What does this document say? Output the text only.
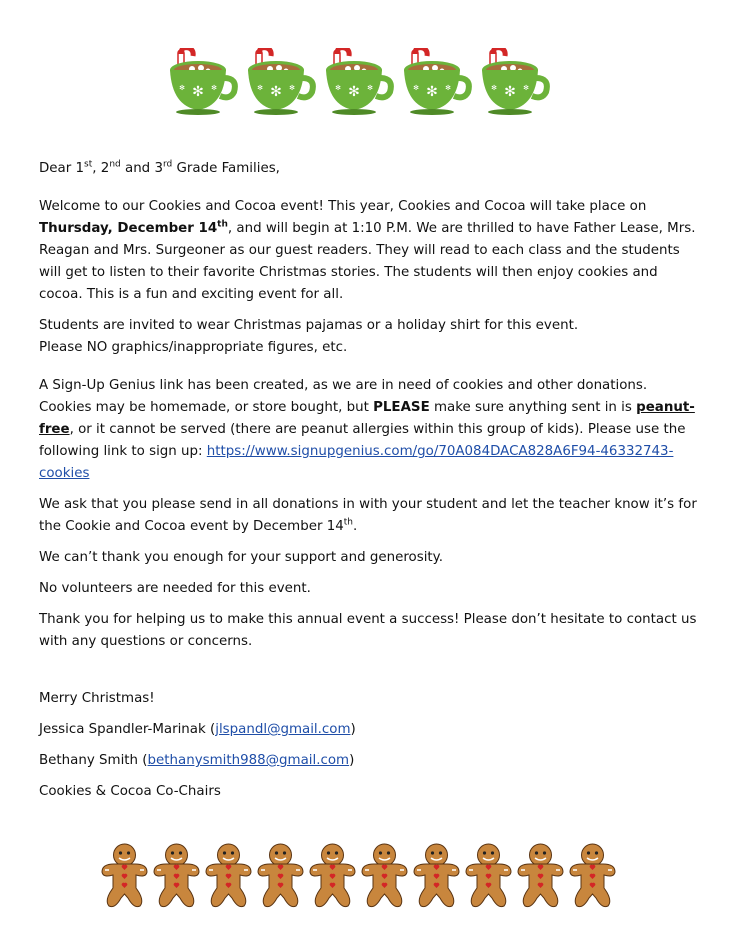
✻
✻	✻	✻
✻	✻	✻
✻	✻	✻
✻	✻	✻
✻	✻

Dear 1st, 2nd and 3rd Grade Families,

Welcome to our Cookies and Cocoa event! This year, Cookies and Cocoa will take place on Thursday, December 14th, and will begin at 1:10 P.M. We are thrilled to have Father Lease, Mrs. Reagan and Mrs. Surgeoner as our guest readers. They will read to each class and the students will get to listen to their favorite Christmas stories. The students will then enjoy cookies and cocoa. This is a fun and exciting event for all.

Students are invited to wear Christmas pajamas or a holiday shirt for this event.
Please NO graphics/inappropriate figures, etc.

A Sign-Up Genius link has been created, as we are in need of cookies and other donations. Cookies may be homemade, or store bought, but PLEASE make sure anything sent in is peanut-free, or it cannot be served (there are peanut allergies within this group of kids). Please use the following link to sign up: https://www.signupgenius.com/go/70A084DACA828A6F94-46332743-cookies

We ask that you please send in all donations in with your student and let the teacher know it’s for the Cookie and Cocoa event by December 14th.

We can’t thank you enough for your support and generosity.

No volunteers are needed for this event.

Thank you for helping us to make this annual event a success! Please don’t hesitate to contact us with any questions or concerns.

Merry Christmas!

Jessica Spandler-Marinak (jlspandl@gmail.com)

Bethany Smith (bethanysmith988@gmail.com)

Cookies & Cocoa Co-Chairs
